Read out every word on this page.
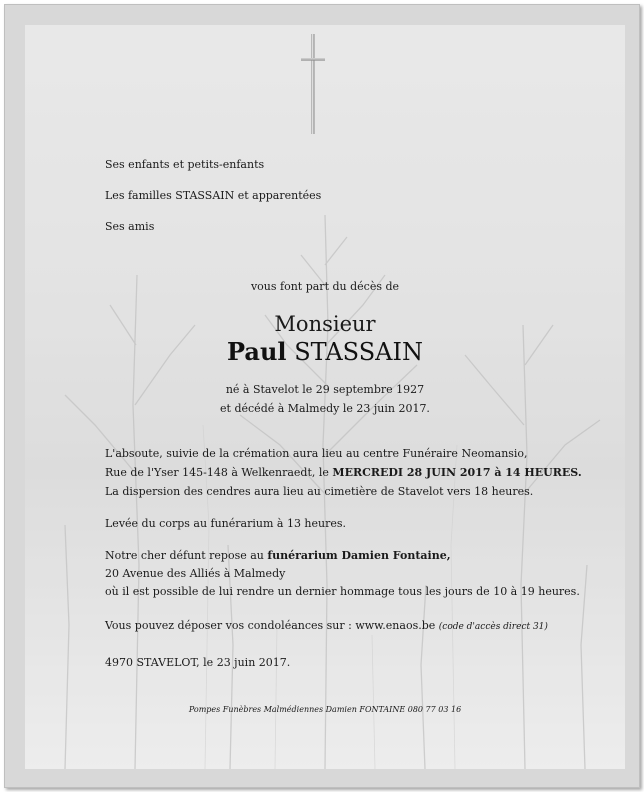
Ses enfants et petits-enfants
Les familles STASSAIN et apparentées
Ses amis
vous font part du décès de
Monsieur
Paul STASSAIN
né à Stavelot le 29 septembre 1927
et décédé à Malmedy le 23 juin 2017.
L'absoute, suivie de la crémation aura lieu au centre Funéraire Neomansio,
Rue de l'Yser 145-148 à Welkenraedt, le MERCREDI 28 JUIN 2017 à 14 HEURES.
La dispersion des cendres aura lieu au cimetière de Stavelot vers 18 heures.
Levée du corps au funérarium à 13 heures.
Notre cher défunt repose au funérarium Damien Fontaine,
20 Avenue des Alliés à Malmedy
où il est possible de lui rendre un dernier hommage tous les jours de 10 à 19 heures.
Vous pouvez déposer vos condoléances sur : www.enaos.be (code d'accès direct 31)
4970 STAVELOT, le 23 juin 2017.
Pompes Funèbres Malmédiennes Damien FONTAINE 080 77 03 16
